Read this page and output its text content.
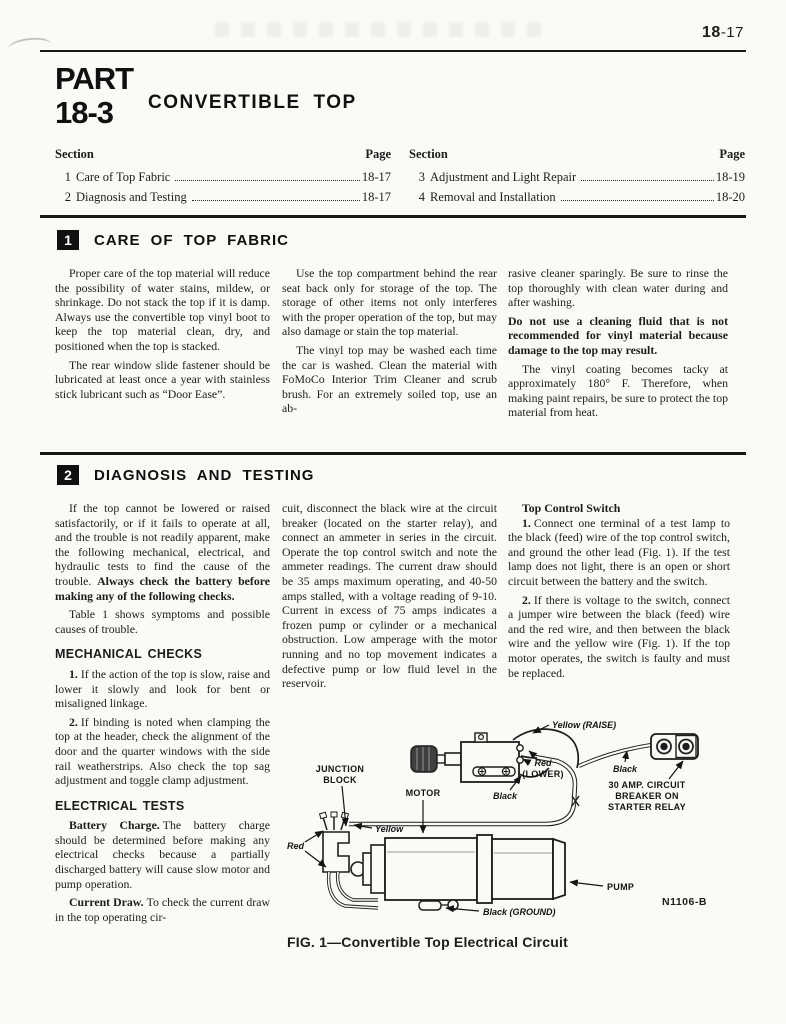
18-17
PART
18-3	CONVERTIBLE TOP
Section	Page
1 Care of Top Fabric	18-17
2 Diagnosis and Testing	18-17
Section	Page
3 Adjustment and Light Repair	18-19
4 Removal and Installation	18-20
1	CARE OF TOP FABRIC

Proper care of the top material will reduce the possibility of water stains, mildew, or shrinkage. Do not stack the top if it is damp. Always use the convertible top vinyl boot to keep the top material clean, dry, and positioned when the top is stacked.

The rear window slide fastener should be lubricated at least once a year with stainless stick lubricant such as “Door Ease”.

Use the top compartment behind the rear seat back only for storage of the top. The storage of other items not only interferes with the proper operation of the top, but may also damage or stain the top material.

The vinyl top may be washed each time the car is washed. Clean the material with FoMoCo Interior Trim Cleaner and scrub brush. For an extremely soiled top, use an ab-

rasive cleaner sparingly. Be sure to rinse the top thoroughly with clean water during and after washing.

Do not use a cleaning fluid that is not recommended for vinyl material because damage to the top may result.

The vinyl coating becomes tacky at approximately 180° F. Therefore, when making paint repairs, be sure to protect the top material from heat.

2	DIAGNOSIS AND TESTING

If the top cannot be lowered or raised satisfactorily, or if it fails to operate at all, and the trouble is not readily apparent, make the following mechanical, electrical, and hydraulic tests to find the cause of the trouble. Always check the battery before making any of the following checks.

Table 1 shows symptoms and possible causes of trouble.

MECHANICAL CHECKS

1. If the action of the top is slow, raise and lower it slowly and look for bent or misaligned linkage.

2. If binding is noted when clamping the top at the header, check the alignment of the door and the quarter windows with the side rail weatherstrips. Also check the top sag adjustment and toggle clamp adjustment.

ELECTRICAL TESTS

Battery Charge. The battery charge should be determined before making any electrical checks because a partially discharged battery will cause slow motor and pump operation.

Current Draw. To check the current draw in the top operating cir-

cuit, disconnect the black wire at the circuit breaker (located on the starter relay), and connect an ammeter in series in the circuit. Operate the top control switch and note the ammeter readings. The current draw should be 35 amps maximum operating, and 40-50 amps stalled, with a voltage reading of 9-10. Current in excess of 75 amps indicates a frozen pump or cylinder or a mechanical obstruction. Low amperage with the motor running and no top movement indicates a defective pump or low fluid level in the reservoir.

Top Control Switch

1. Connect one terminal of a test lamp to the black (feed) wire of the top control switch, and ground the other lead (Fig. 1). If the test lamp does not light, there is an open or short circuit between the battery and the switch.

2. If there is voltage to the switch, connect a jumper wire between the black (feed) wire and the red wire, and then between the black wire and the yellow wire (Fig. 1). If the top motor operates, the switch is faulty and must be replaced.

Yellow (RAISE)
Red
(LOWER)
Black
Black
30 AMP. CIRCUIT
BREAKER ON
STARTER RELAY
JUNCTION
BLOCK
MOTOR
Red
Yellow
PUMP
Black (GROUND)
N1106-B
FIG. 1—Convertible Top Electrical Circuit
